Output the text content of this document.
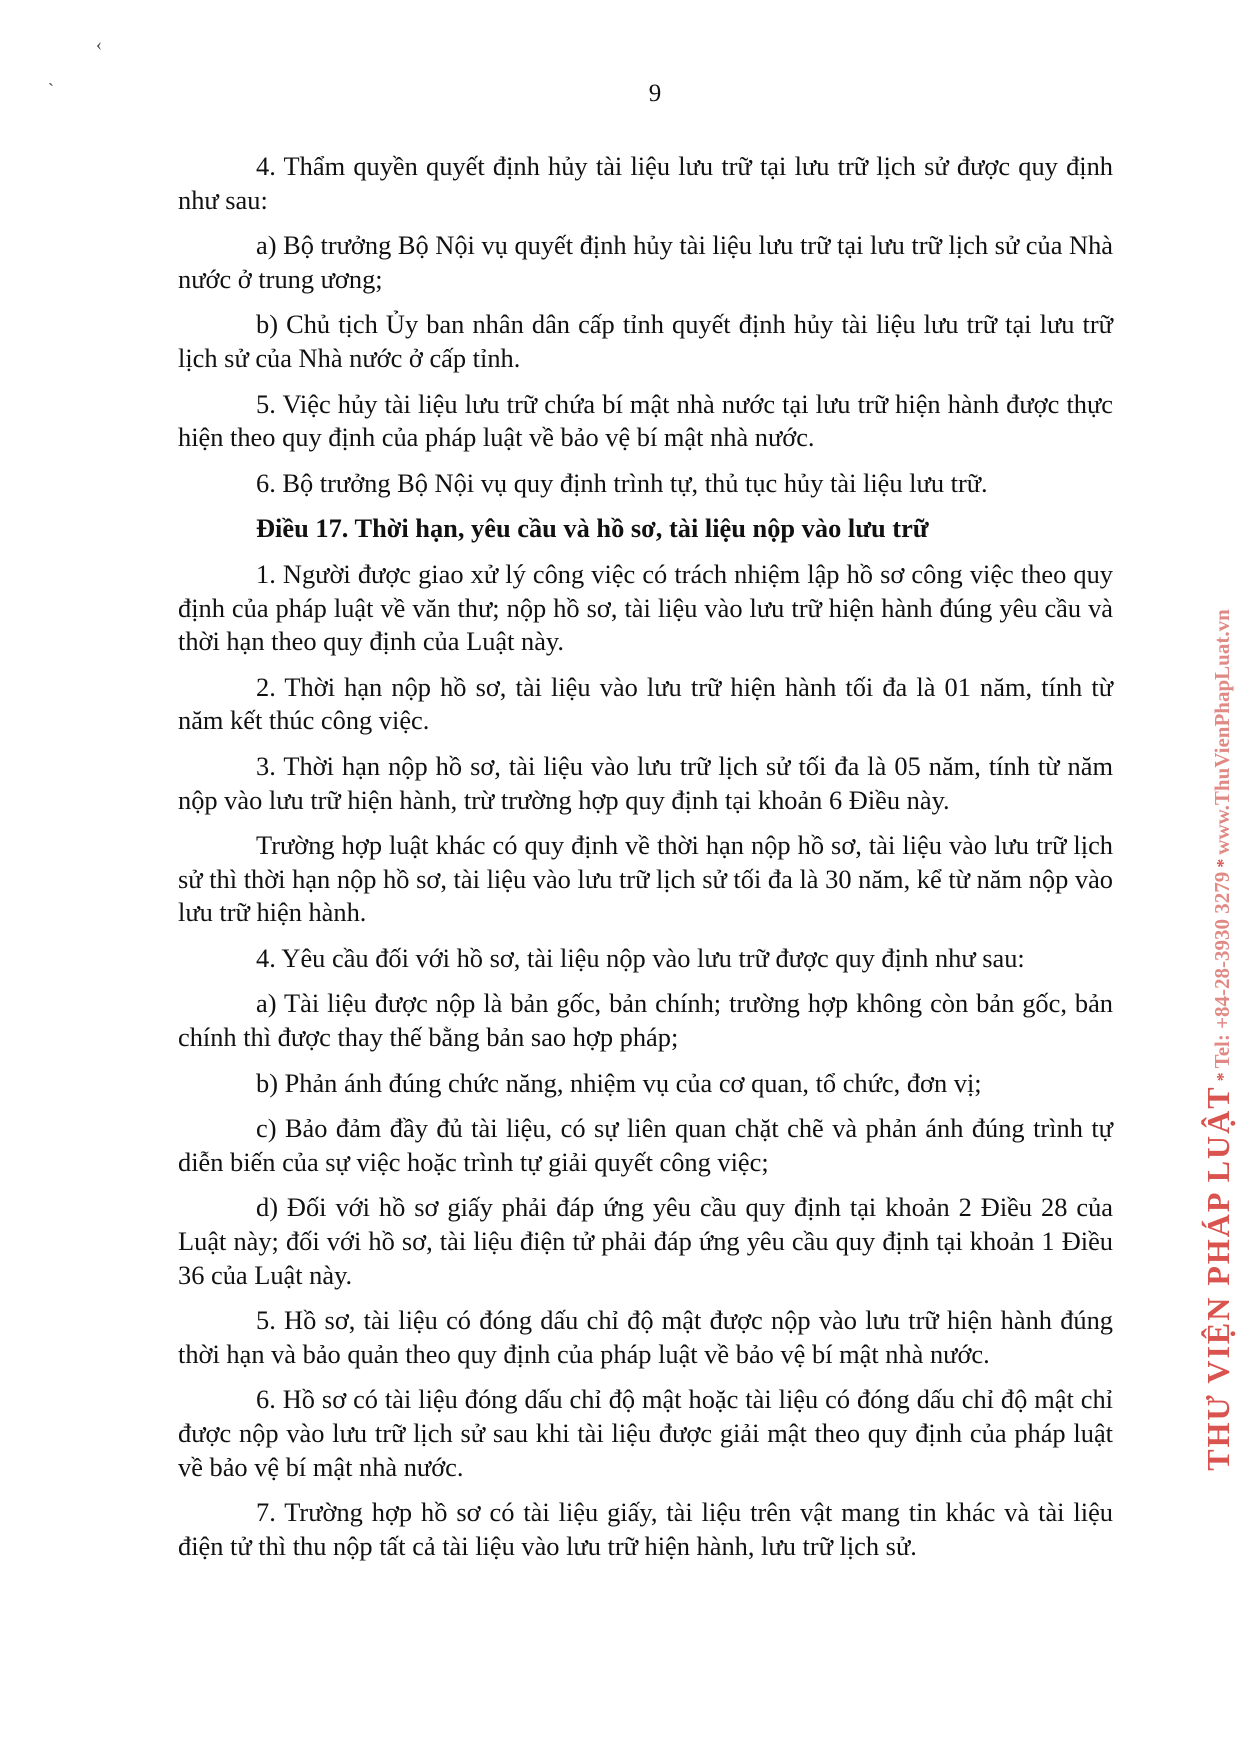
‹
`	9

4. Thẩm quyền quyết định hủy tài liệu lưu trữ tại lưu trữ lịch sử được quy định như sau:

a) Bộ trưởng Bộ Nội vụ quyết định hủy tài liệu lưu trữ tại lưu trữ lịch sử của Nhà nước ở trung ương;

b) Chủ tịch Ủy ban nhân dân cấp tỉnh quyết định hủy tài liệu lưu trữ tại lưu trữ lịch sử của Nhà nước ở cấp tỉnh.

5. Việc hủy tài liệu lưu trữ chứa bí mật nhà nước tại lưu trữ hiện hành được thực hiện theo quy định của pháp luật về bảo vệ bí mật nhà nước.

6. Bộ trưởng Bộ Nội vụ quy định trình tự, thủ tục hủy tài liệu lưu trữ.

Điều 17. Thời hạn, yêu cầu và hồ sơ, tài liệu nộp vào lưu trữ

1. Người được giao xử lý công việc có trách nhiệm lập hồ sơ công việc theo quy định của pháp luật về văn thư; nộp hồ sơ, tài liệu vào lưu trữ hiện hành đúng yêu cầu và thời hạn theo quy định của Luật này.

2. Thời hạn nộp hồ sơ, tài liệu vào lưu trữ hiện hành tối đa là 01 năm, tính từ năm kết thúc công việc.

3. Thời hạn nộp hồ sơ, tài liệu vào lưu trữ lịch sử tối đa là 05 năm, tính từ năm nộp vào lưu trữ hiện hành, trừ trường hợp quy định tại khoản 6 Điều này.

Trường hợp luật khác có quy định về thời hạn nộp hồ sơ, tài liệu vào lưu trữ lịch sử thì thời hạn nộp hồ sơ, tài liệu vào lưu trữ lịch sử tối đa là 30 năm, kể từ năm nộp vào lưu trữ hiện hành.

4. Yêu cầu đối với hồ sơ, tài liệu nộp vào lưu trữ được quy định như sau:

a) Tài liệu được nộp là bản gốc, bản chính; trường hợp không còn bản gốc, bản chính thì được thay thế bằng bản sao hợp pháp;

b) Phản ánh đúng chức năng, nhiệm vụ của cơ quan, tổ chức, đơn vị;

c) Bảo đảm đầy đủ tài liệu, có sự liên quan chặt chẽ và phản ánh đúng trình tự diễn biến của sự việc hoặc trình tự giải quyết công việc;

d) Đối với hồ sơ giấy phải đáp ứng yêu cầu quy định tại khoản 2 Điều 28 của Luật này; đối với hồ sơ, tài liệu điện tử phải đáp ứng yêu cầu quy định tại khoản 1 Điều 36 của Luật này.

5. Hồ sơ, tài liệu có đóng dấu chỉ độ mật được nộp vào lưu trữ hiện hành đúng thời hạn và bảo quản theo quy định của pháp luật về bảo vệ bí mật nhà nước.

6. Hồ sơ có tài liệu đóng dấu chỉ độ mật hoặc tài liệu có đóng dấu chỉ độ mật chỉ được nộp vào lưu trữ lịch sử sau khi tài liệu được giải mật theo quy định của pháp luật về bảo vệ bí mật nhà nước.

7. Trường hợp hồ sơ có tài liệu giấy, tài liệu trên vật mang tin khác và tài liệu điện tử thì thu nộp tất cả tài liệu vào lưu trữ hiện hành, lưu trữ lịch sử.

THƯ VIỆN PHÁP LUẬT * Tel: +84-28-3930 3279 * www.ThuVienPhapLuat.vn
